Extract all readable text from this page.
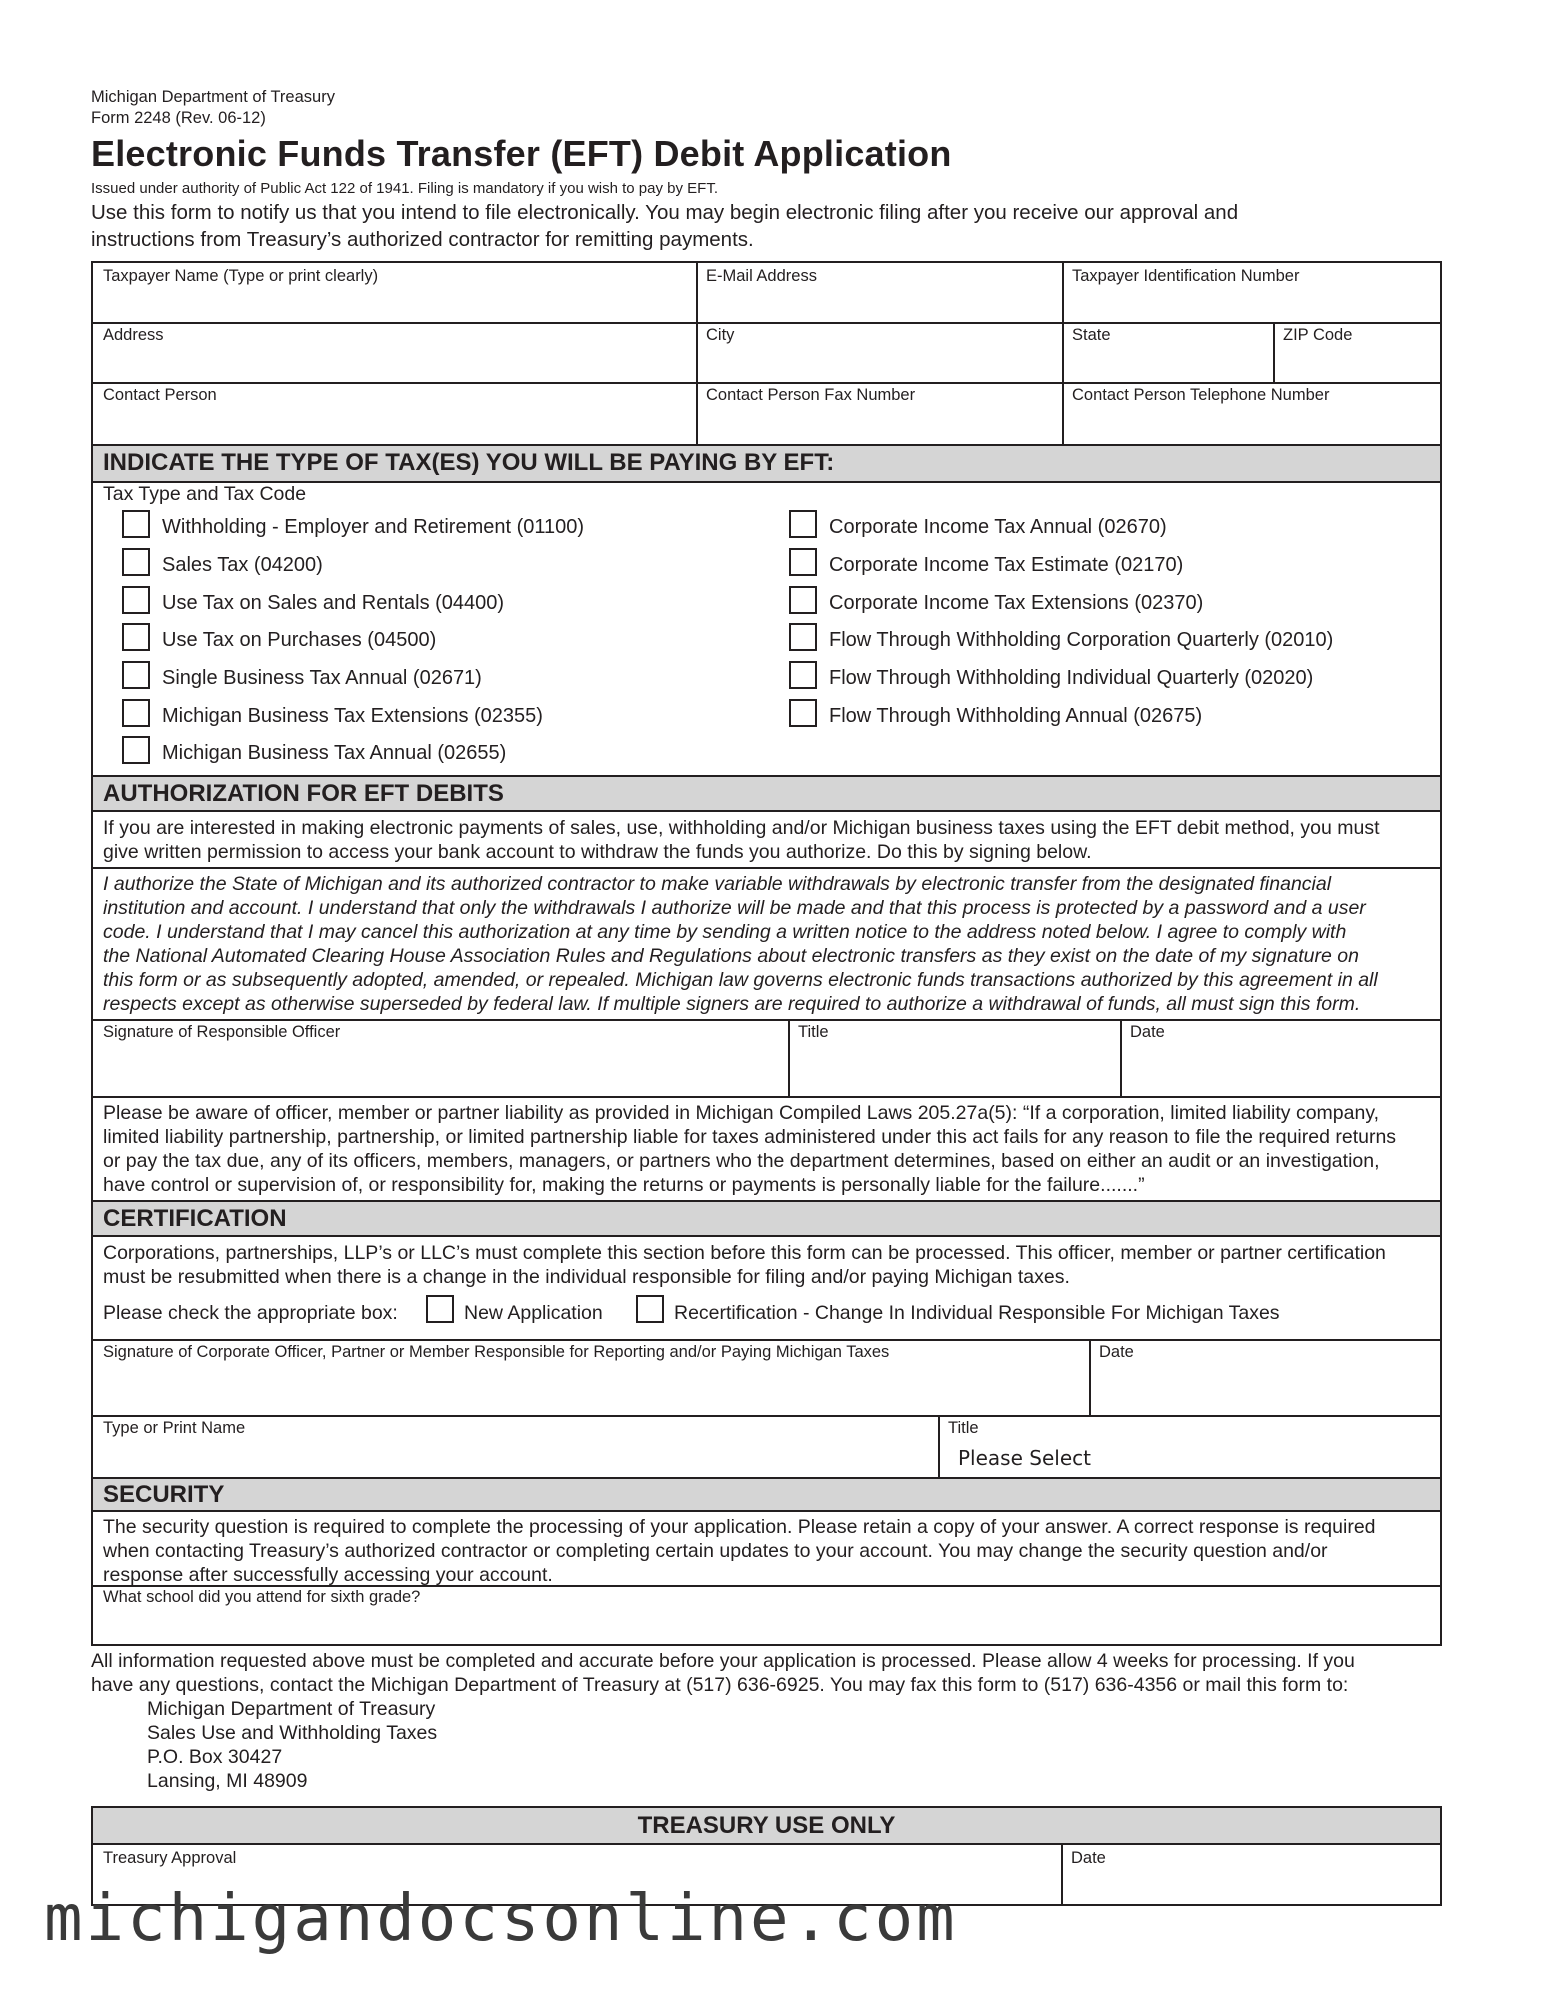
Michigan Department of Treasury
Form 2248 (Rev. 06-12)
Electronic Funds Transfer (EFT) Debit Application
Issued under authority of Public Act 122 of 1941. Filing is mandatory if you wish to pay by EFT.
Use this form to notify us that you intend to file electronically. You may begin electronic filing after you receive our approval and
instructions from Treasury’s authorized contractor for remitting payments.
Taxpayer Name (Type or print clearly)	E-Mail Address	Taxpayer Identification Number
Address	City	State	ZIP Code
Contact Person	Contact Person Fax Number	Contact Person Telephone Number
INDICATE THE TYPE OF TAX(ES) YOU WILL BE PAYING BY EFT:
Tax Type and Tax Code
Withholding - Employer and Retirement (01100)
Sales Tax (04200)
Use Tax on Sales and Rentals (04400)
Use Tax on Purchases (04500)
Single Business Tax Annual (02671)
Michigan Business Tax Extensions (02355)
Michigan Business Tax Annual (02655)
Corporate Income Tax Annual (02670)
Corporate Income Tax Estimate (02170)
Corporate Income Tax Extensions (02370)
Flow Through Withholding Corporation Quarterly (02010)
Flow Through Withholding Individual Quarterly (02020)
Flow Through Withholding Annual (02675)
AUTHORIZATION FOR EFT DEBITS
If you are interested in making electronic payments of sales, use, withholding and/or Michigan business taxes using the EFT debit method, you must
give written permission to access your bank account to withdraw the funds you authorize. Do this by signing below.
I authorize the State of Michigan and its authorized contractor to make variable withdrawals by electronic transfer from the designated financial
institution and account. I understand that only the withdrawals I authorize will be made and that this process is protected by a password and a user
code. I understand that I may cancel this authorization at any time by sending a written notice to the address noted below. I agree to comply with
the National Automated Clearing House Association Rules and Regulations about electronic transfers as they exist on the date of my signature on
this form or as subsequently adopted, amended, or repealed. Michigan law governs electronic funds transactions authorized by this agreement in all
respects except as otherwise superseded by federal law. If multiple signers are required to authorize a withdrawal of funds, all must sign this form.
Signature of Responsible Officer	Title	Date
Please be aware of officer, member or partner liability as provided in Michigan Compiled Laws 205.27a(5): “If a corporation, limited liability company,
limited liability partnership, partnership, or limited partnership liable for taxes administered under this act fails for any reason to file the required returns
or pay the tax due, any of its officers, members, managers, or partners who the department determines, based on either an audit or an investigation,
have control or supervision of, or responsibility for, making the returns or payments is personally liable for the failure.......”
CERTIFICATION
Corporations, partnerships, LLP’s or LLC’s must complete this section before this form can be processed. This officer, member or partner certification
must be resubmitted when there is a change in the individual responsible for filing and/or paying Michigan taxes.
Please check the appropriate box:	New Application	Recertification - Change In Individual Responsible For Michigan Taxes
Signature of Corporate Officer, Partner or Member Responsible for Reporting and/or Paying Michigan Taxes	Date
Type or Print Name	Title
Please Select
SECURITY
The security question is required to complete the processing of your application. Please retain a copy of your answer. A correct response is required
when contacting Treasury’s authorized contractor or completing certain updates to your account. You may change the security question and/or
response after successfully accessing your account.
What school did you attend for sixth grade?
All information requested above must be completed and accurate before your application is processed. Please allow 4 weeks for processing. If you
have any questions, contact the Michigan Department of Treasury at (517) 636-6925. You may fax this form to (517) 636-4356 or mail this form to:
Michigan Department of Treasury
Sales Use and Withholding Taxes
P.O. Box 30427
Lansing, MI 48909
TREASURY USE ONLY
Treasury Approval	Date
michigandocsonline.com
